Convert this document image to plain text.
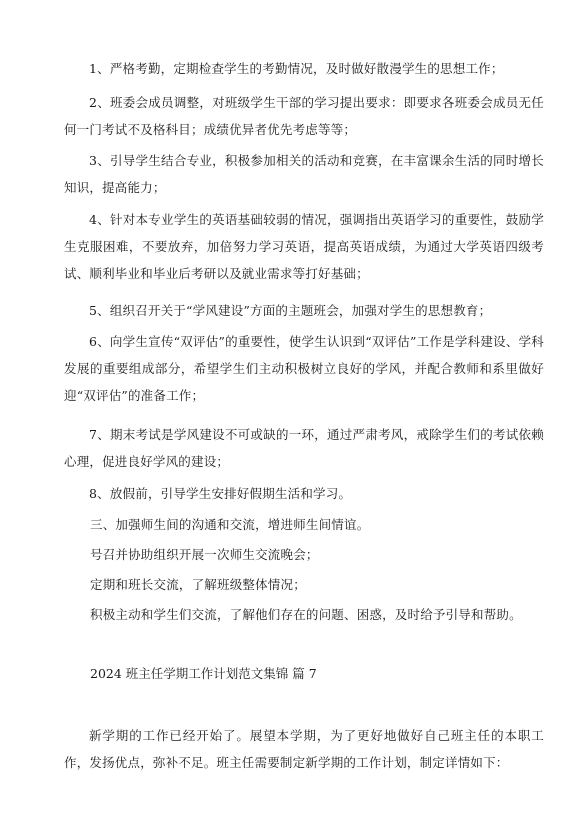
1、严格考勤，定期检查学生的考勤情况，及时做好散漫学生的思想工作；

2、班委会成员调整，对班级学生干部的学习提出要求：即要求各班委会成员无任何一门考试不及格科目；成绩优异者优先考虑等等；

3、引导学生结合专业，积极参加相关的活动和竞赛，在丰富课余生活的同时增长知识，提高能力；

4、针对本专业学生的英语基础较弱的情况，强调指出英语学习的重要性，鼓励学生克服困难，不要放弃，加倍努力学习英语，提高英语成绩，为通过大学英语四级考试、顺利毕业和毕业后考研以及就业需求等打好基础；

5、组织召开关于“学风建设”方面的主题班会，加强对学生的思想教育；

6、向学生宣传“双评估”的重要性，使学生认识到“双评估”工作是学科建设、学科发展的重要组成部分，希望学生们主动积极树立良好的学风，并配合教师和系里做好迎“双评估”的准备工作；

7、期末考试是学风建设不可或缺的一环，通过严肃考风，戒除学生们的考试依赖心理，促进良好学风的建设；

8、放假前，引导学生安排好假期生活和学习。

三、加强师生间的沟通和交流，增进师生间情谊。

号召并协助组织开展一次师生交流晚会；

定期和班长交流，了解班级整体情况；

积极主动和学生们交流，了解他们存在的问题、困惑，及时给予引导和帮助。

2024 班主任学期工作计划范文集锦 篇 7

新学期的工作已经开始了。展望本学期，为了更好地做好自己班主任的本职工作，发扬优点，弥补不足。班主任需要制定新学期的工作计划，制定详情如下：
